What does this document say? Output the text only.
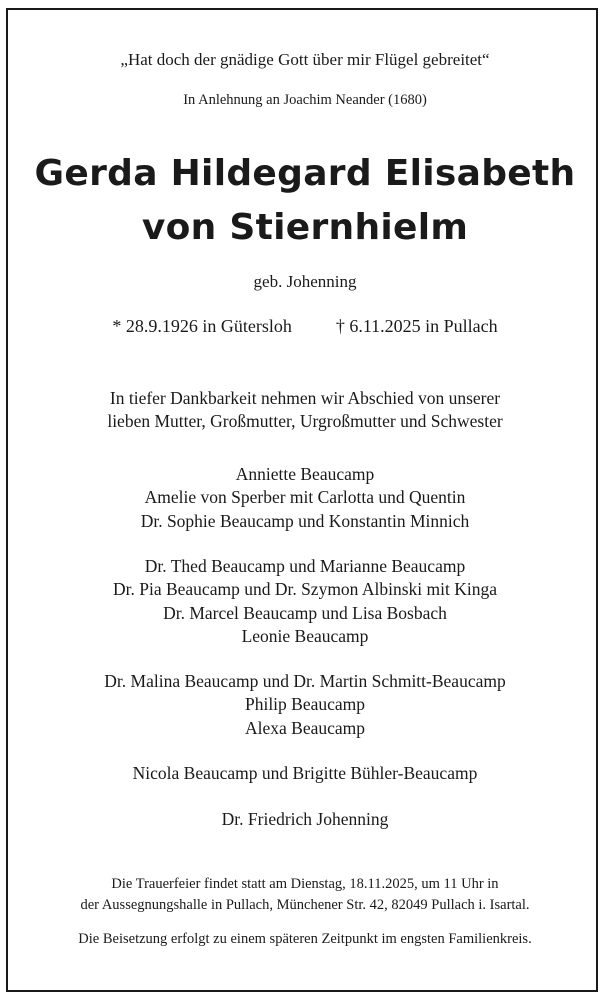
„Hat doch der gnädige Gott über mir Flügel gebreitet“

In Anlehnung an Joachim Neander (1680)

Gerda Hildegard Elisabeth

von Stiernhielm

geb. Johenning

* 28.9.1926 in Gütersloh † 6.11.2025 in Pullach

In tiefer Dankbarkeit nehmen wir Abschied von unserer

lieben Mutter, Großmutter, Urgroßmutter und Schwester

Anniette Beaucamp
Amelie von Sperber mit Carlotta und Quentin
Dr. Sophie Beaucamp und Konstantin Minnich
Dr. Thed Beaucamp und Marianne Beaucamp
Dr. Pia Beaucamp und Dr. Szymon Albinski mit Kinga
Dr. Marcel Beaucamp und Lisa Bosbach
Leonie Beaucamp
Dr. Malina Beaucamp und Dr. Martin Schmitt-Beaucamp
Philip Beaucamp
Alexa Beaucamp
Nicola Beaucamp und Brigitte Bühler-Beaucamp
Dr. Friedrich Johenning

Die Trauerfeier findet statt am Dienstag, 18.11.2025, um 11 Uhr in

der Aussegnungshalle in Pullach, Münchener Str. 42, 82049 Pullach i. Isartal.

Die Beisetzung erfolgt zu einem späteren Zeitpunkt im engsten Familienkreis.
